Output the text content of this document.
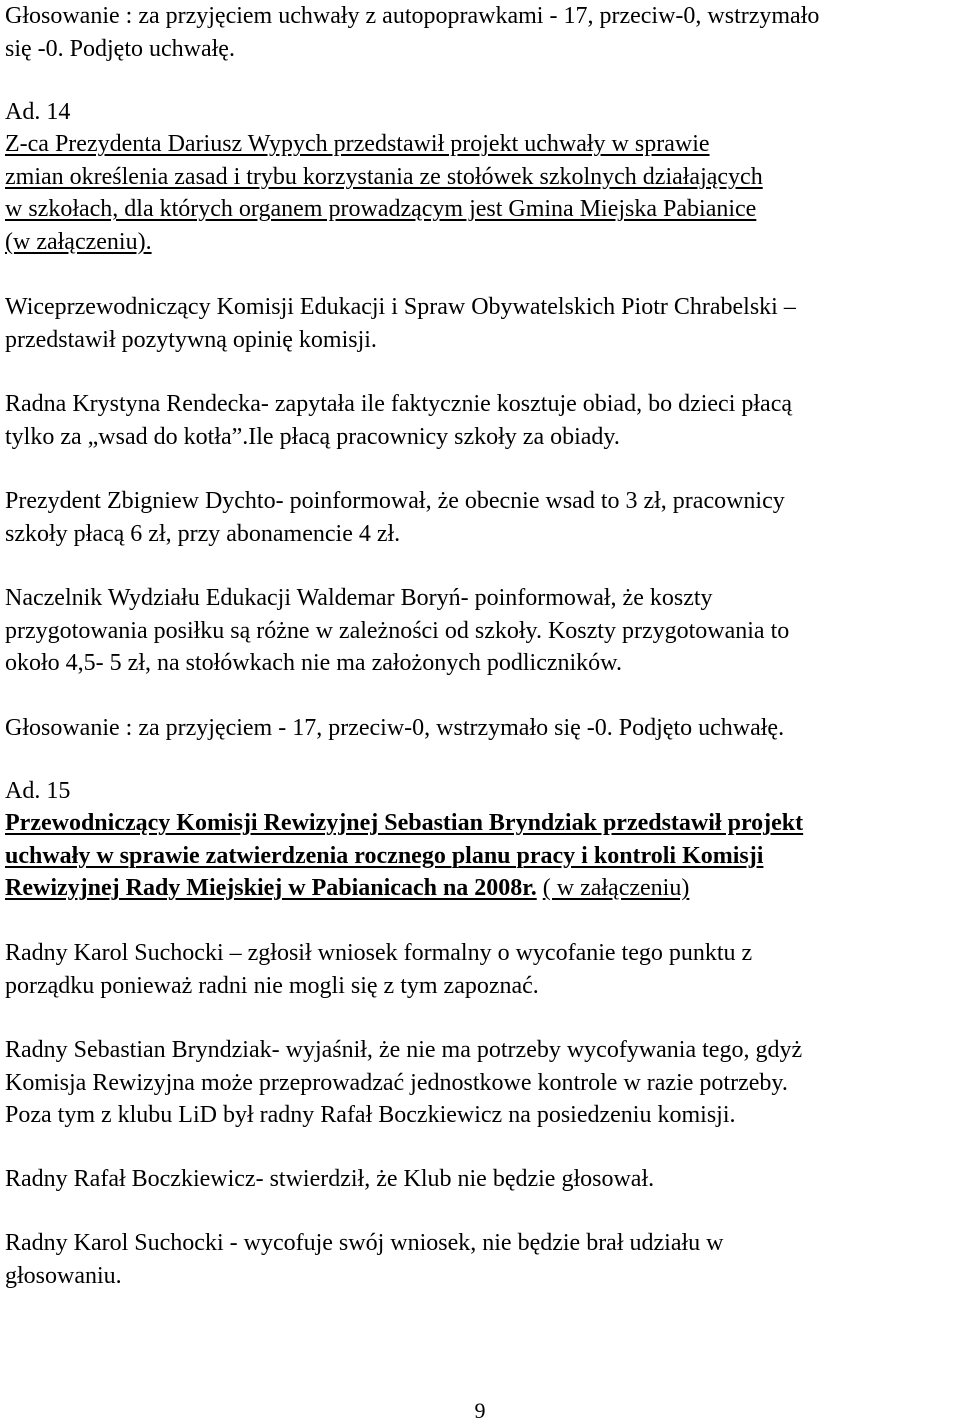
Głosowanie : za przyjęciem uchwały z autopoprawkami - 17, przeciw-0, wstrzymało
się -0. Podjęto uchwałę.
Ad. 14
Z-ca Prezydenta Dariusz Wypych przedstawił projekt uchwały w sprawie
zmian określenia zasad i trybu korzystania ze stołówek szkolnych działających
w szkołach, dla których organem prowadzącym jest Gmina Miejska Pabianice
(w załączeniu).
Wiceprzewodniczący Komisji Edukacji i Spraw Obywatelskich Piotr Chrabelski –
przedstawił pozytywną opinię komisji.
Radna Krystyna Rendecka- zapytała ile faktycznie kosztuje obiad, bo dzieci płacą
tylko za „wsad do kotła”.Ile płacą pracownicy szkoły za obiady.
Prezydent Zbigniew Dychto- poinformował, że obecnie wsad to 3 zł, pracownicy
szkoły płacą 6 zł, przy abonamencie 4 zł.
Naczelnik Wydziału Edukacji Waldemar Boryń- poinformował, że koszty
przygotowania posiłku są różne w zależności od szkoły. Koszty przygotowania to
około 4,5- 5 zł, na stołówkach nie ma założonych podliczników.
Głosowanie : za przyjęciem - 17, przeciw-0, wstrzymało się -0. Podjęto uchwałę.
Ad. 15
Przewodniczący Komisji Rewizyjnej Sebastian Bryndziak przedstawił projekt
uchwały w sprawie zatwierdzenia rocznego planu pracy i kontroli Komisji
Rewizyjnej Rady Miejskiej w Pabianicach na 2008r. ( w załączeniu)
Radny Karol Suchocki – zgłosił wniosek formalny o wycofanie tego punktu z
porządku ponieważ radni nie mogli się z tym zapoznać.
Radny Sebastian Bryndziak- wyjaśnił, że nie ma potrzeby wycofywania tego, gdyż
Komisja Rewizyjna może przeprowadzać jednostkowe kontrole w razie potrzeby.
Poza tym z klubu LiD był radny Rafał Boczkiewicz na posiedzeniu komisji.
Radny Rafał Boczkiewicz- stwierdził, że Klub nie będzie głosował.
Radny Karol Suchocki - wycofuje swój wniosek, nie będzie brał udziału w
głosowaniu.
9
